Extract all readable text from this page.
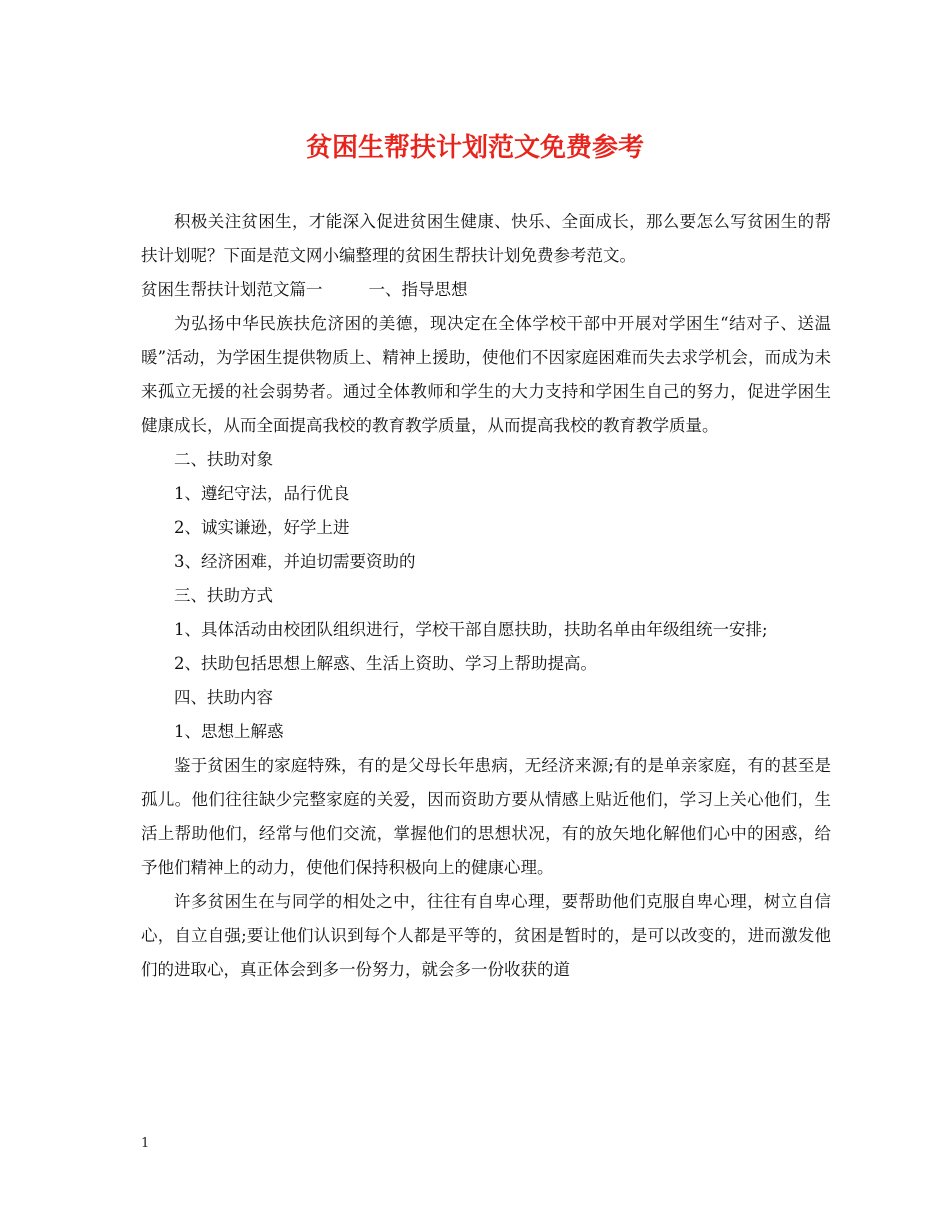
贫困生帮扶计划范文免费参考

积极关注贫困生，才能深入促进贫困生健康、快乐、全面成长，那么要怎么写贫困生的帮扶计划呢？下面是范文网小编整理的贫困生帮扶计划免费参考范文。

贫困生帮扶计划范文篇一	一、指导思想

为弘扬中华民族扶危济困的美德，现决定在全体学校干部中开展对学困生“结对子、送温暖”活动，为学困生提供物质上、精神上援助，使他们不因家庭困难而失去求学机会，而成为未来孤立无援的社会弱势者。通过全体教师和学生的大力支持和学困生自己的努力，促进学困生健康成长，从而全面提高我校的教育教学质量，从而提高我校的教育教学质量。

二、扶助对象

1、遵纪守法，品行优良

2、诚实谦逊，好学上进

3、经济困难，并迫切需要资助的

三、扶助方式

1、具体活动由校团队组织进行，学校干部自愿扶助，扶助名单由年级组统一安排;

2、扶助包括思想上解惑、生活上资助、学习上帮助提高。

四、扶助内容

1、思想上解惑

鉴于贫困生的家庭特殊，有的是父母长年患病，无经济来源;有的是单亲家庭，有的甚至是孤儿。他们往往缺少完整家庭的关爱，因而资助方要从情感上贴近他们，学习上关心他们，生活上帮助他们，经常与他们交流，掌握他们的思想状况，有的放矢地化解他们心中的困惑，给予他们精神上的动力，使他们保持积极向上的健康心理。

许多贫困生在与同学的相处之中，往往有自卑心理，要帮助他们克服自卑心理，树立自信心，自立自强;要让他们认识到每个人都是平等的，贫困是暂时的，是可以改变的，进而激发他们的进取心，真正体会到多一份努力，就会多一份收获的道

1
